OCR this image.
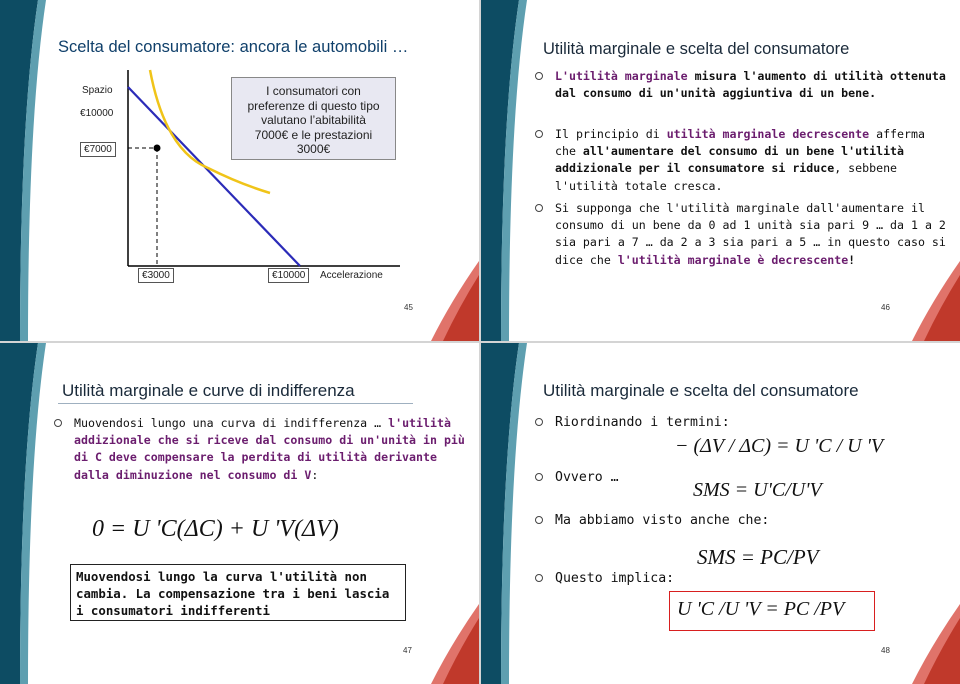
Scelta del consumatore: ancora le automobili …
Spazio
€10000
€7000
€3000	€10000	Accelerazione
I consumatori con
preferenze di questo tipo
valutano l’abitabilità
7000€ e le prestazioni
3000€
45
Utilità marginale e scelta del consumatore
L'utilità marginale misura l'aumento di utilità ottenuta dal consumo di un'unità aggiuntiva di un bene.
Il principio di utilità marginale decrescente afferma che all'aumentare del consumo di un bene l'utilità addizionale per il consumatore si riduce, sebbene l'utilità totale cresca.
Si supponga che l'utilità marginale dall'aumentare il consumo di un bene da 0 ad 1 unità sia pari 9 … da 1 a 2 sia pari a 7 … da 2 a 3 sia pari a 5 … in questo caso si dice che l'utilità marginale è decrescente!
46
Utilità marginale e curve di indifferenza
Muovendosi lungo una curva di indifferenza … l'utilità addizionale che si riceve dal consumo di un'unità in più di C deve compensare la perdita di utilità derivante dalla diminuzione nel consumo di V:
0 = U 'C(ΔC) + U 'V(ΔV)
Muovendosi lungo la curva l'utilità non cambia. La compensazione tra i beni lascia i consumatori indifferenti
47
Utilità marginale e scelta del consumatore
Riordinando i termini:
− (ΔV / ΔC) = U 'C / U 'V
Ovvero …
SMS = U'C/U'V
Ma abbiamo visto anche che:
SMS = PC/PV
Questo implica:
U 'C /U 'V = PC /PV
48
